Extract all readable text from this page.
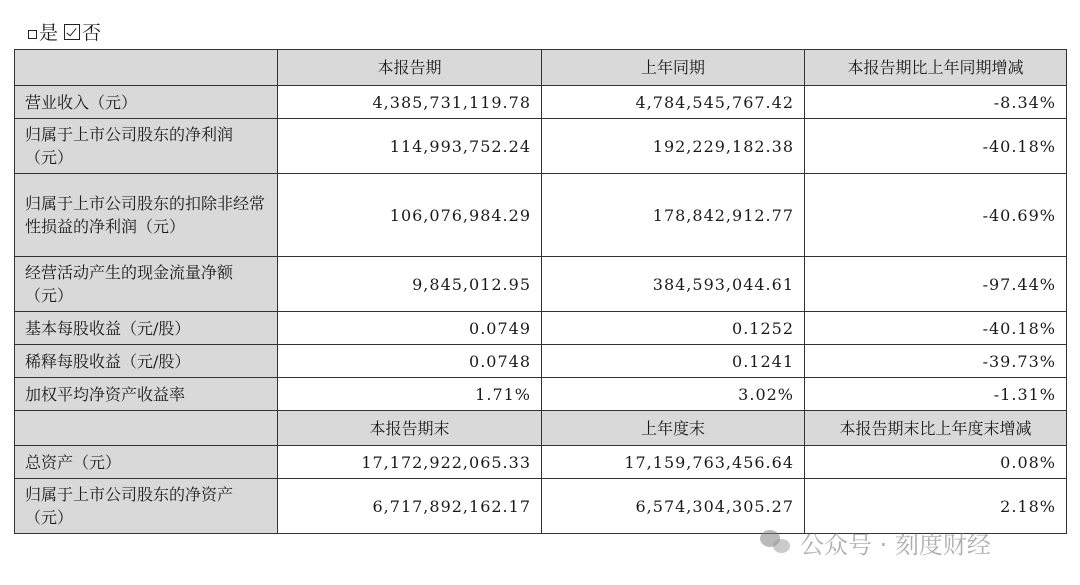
是 否
	本报告期	上年同期	本报告期比上年同期增减
营业收入（元）	4,385,731,119.78	4,784,545,767.42	-8.34%
归属于上市公司股东的净利润（元）	114,993,752.24	192,229,182.38	-40.18%
归属于上市公司股东的扣除非经常性损益的净利润（元）	106,076,984.29	178,842,912.77	-40.69%
经营活动产生的现金流量净额（元）	9,845,012.95	384,593,044.61	-97.44%
基本每股收益（元/股）	0.0749	0.1252	-40.18%
稀释每股收益（元/股）	0.0748	0.1241	-39.73%
加权平均净资产收益率	1.71%	3.02%	-1.31%
	本报告期末	上年度末	本报告期末比上年度末增减
总资产（元）	17,172,922,065.33	17,159,763,456.64	0.08%
归属于上市公司股东的净资产（元）	6,717,892,162.17	6,574,304,305.27	2.18%
公众号 · 刻度财经
